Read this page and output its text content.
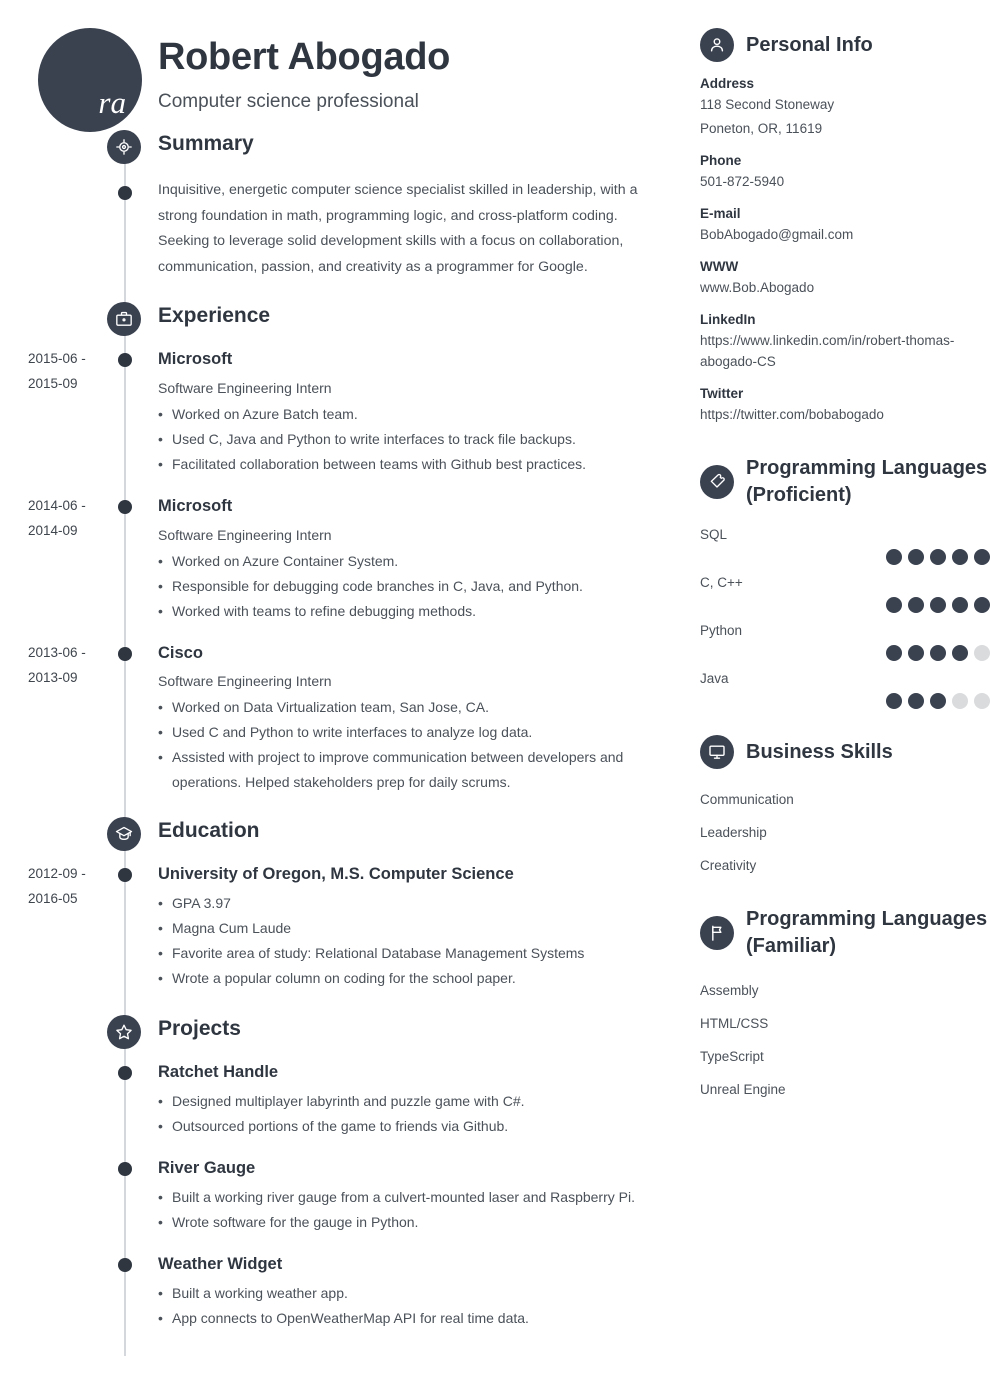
ra
Robert Abogado
Computer science professional
Summary
Inquisitive, energetic computer science specialist skilled in leadership, with a strong foundation in math, programming logic, and cross-platform coding. Seeking to leverage solid development skills with a focus on collaboration, communication, passion, and creativity as a programmer for Google.
Experience
2015-06 -
2015-09
Microsoft
Software Engineering Intern
• Worked on Azure Batch team.
• Used C, Java and Python to write interfaces to track file backups.
• Facilitated collaboration between teams with Github best practices.
2014-06 -
2014-09
Microsoft
Software Engineering Intern
• Worked on Azure Container System.
• Responsible for debugging code branches in C, Java, and Python.
• Worked with teams to refine debugging methods.
2013-06 -
2013-09
Cisco
Software Engineering Intern
• Worked on Data Virtualization team, San Jose, CA.
• Used C and Python to write interfaces to analyze log data.
• Assisted with project to improve communication between developers and operations. Helped stakeholders prep for daily scrums.
Education
2012-09 -
2016-05
University of Oregon, M.S. Computer Science
• GPA 3.97
• Magna Cum Laude
• Favorite area of study: Relational Database Management Systems
• Wrote a popular column on coding for the school paper.
Projects
Ratchet Handle
• Designed multiplayer labyrinth and puzzle game with C#.
• Outsourced portions of the game to friends via Github.
River Gauge
• Built a working river gauge from a culvert-mounted laser and Raspberry Pi.
• Wrote software for the gauge in Python.
Weather Widget
• Built a working weather app.
• App connects to OpenWeatherMap API for real time data.
Personal Info
Address
118 Second Stoneway
Poneton, OR, 11619
Phone
501-872-5940
E-mail
BobAbogado@gmail.com
WWW
www.Bob.Abogado
LinkedIn
https://www.linkedin.com/in/robert-thomas-abogado-CS
Twitter
https://twitter.com/bobabogado
Programming Languages (Proficient)
SQL
C, C++
Python
Java
Business Skills
Communication
Leadership
Creativity
Programming Languages (Familiar)
Assembly
HTML/CSS
TypeScript
Unreal Engine
